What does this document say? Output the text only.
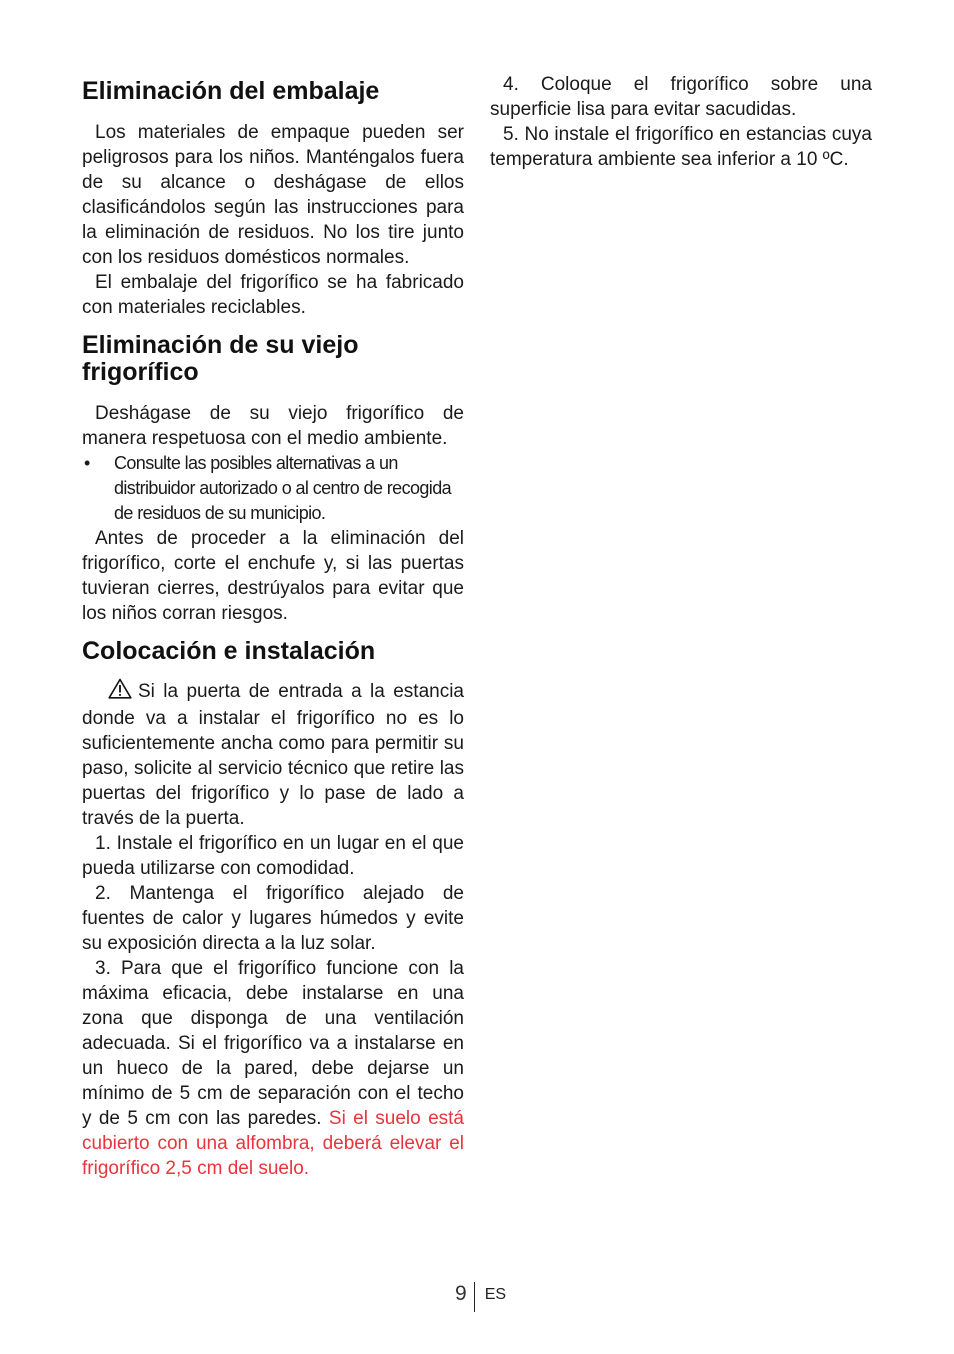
Eliminación del embalaje

Los materiales de empaque pueden ser peligrosos para los niños. Manténgalos fuera de su alcance o deshágase de ellos clasificándolos según las instrucciones para la eliminación de residuos. No los tire junto con los residuos domésticos normales.

El embalaje del frigorífico se ha fabricado con materiales reciclables.

Eliminación de su viejo frigorífico

Deshágase de su viejo frigorífico de manera respetuosa con el medio ambiente.

• Consulte las posibles alternativas a un distribuidor autorizado o al centro de recogida de residuos de su municipio.

Antes de proceder a la eliminación del frigorífico, corte el enchufe y, si las puertas tuvieran cierres, destrúyalos para evitar que los niños corran riesgos.

Colocación e instalación

Si la puerta de entrada a la estancia donde va a instalar el frigorífico no es lo suficientemente ancha como para permitir su paso, solicite al servicio técnico que retire las puertas del frigorífico y lo pase de lado a través de la puerta.

1. Instale el frigorífico en un lugar en el que pueda utilizarse con comodidad.

2. Mantenga el frigorífico alejado de fuentes de calor y lugares húmedos y evite su exposición directa a la luz solar.

3. Para que el frigorífico funcione con la máxima eficacia, debe instalarse en una zona que disponga de una ventilación adecuada. Si el frigorífico va a instalarse en un hueco de la pared, debe dejarse un mínimo de 5 cm de separación con el techo y de 5 cm con las paredes. Si el suelo está cubierto con una alfombra, deberá elevar el frigorífico 2,5 cm del suelo.

4. Coloque el frigorífico sobre una superficie lisa para evitar sacudidas.

5. No instale el frigorífico en estancias cuya temperatura ambiente sea inferior a 10 ºC.

9 ES
